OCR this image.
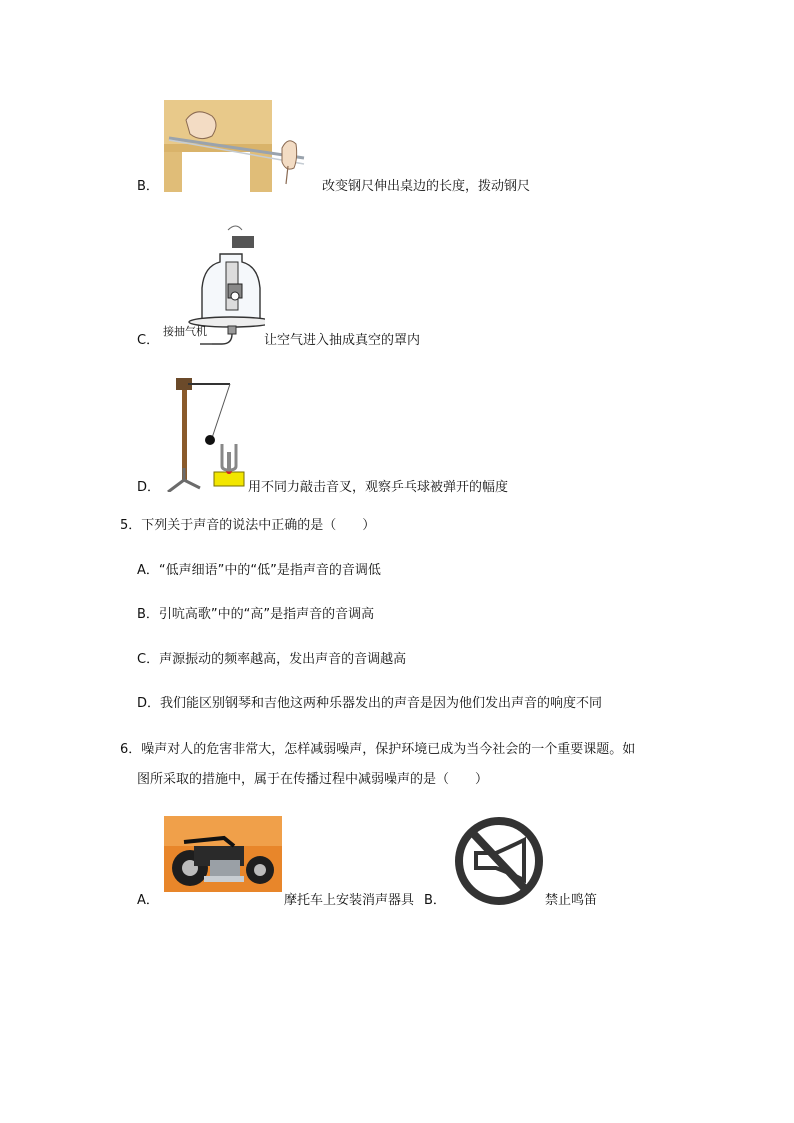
B．	改变钢尺伸出桌边的长度，拨动钢尺
C．
接抽气机
让空气进入抽成真空的罩内
D．	用不同力敲击音叉，观察乒乓球被弹开的幅度
5．下列关于声音的说法中正确的是（　　）
A．“低声细语”中的“低”是指声音的音调低
B．引吭高歌”中的“高”是指声音的音调高
C．声源振动的频率越高，发出声音的音调越高
D．我们能区别钢琴和吉他这两种乐器发出的声音是因为他们发出声音的响度不同
6．噪声对人的危害非常大，怎样减弱噪声，保护环境已成为当今社会的一个重要课题。如
图所采取的措施中，属于在传播过程中减弱噪声的是（　　）
A．	摩托车上安装消声器具 B．	禁止鸣笛
